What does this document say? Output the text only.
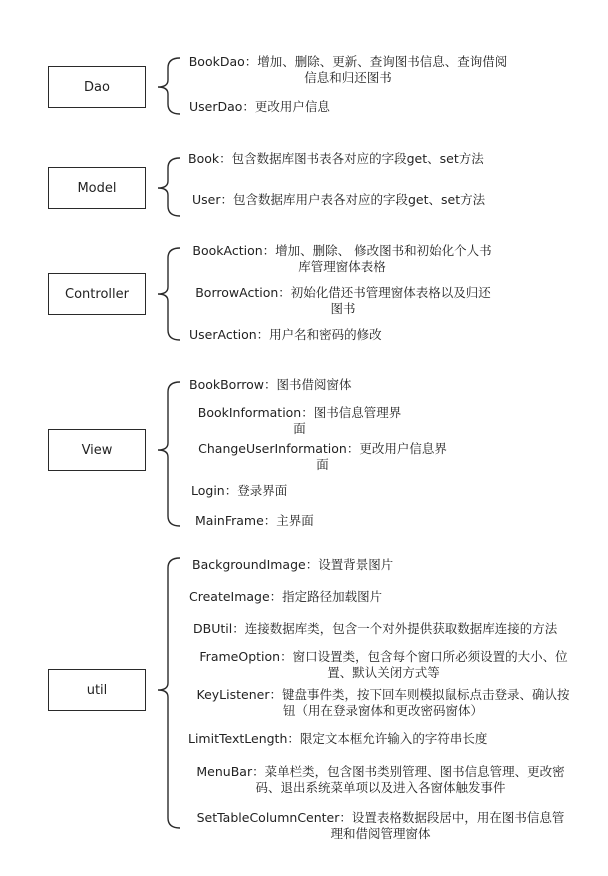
Dao
Model
Controller
View
util
BookDao：增加、删除、更新、查询图书信息、查询借阅
信息和归还图书
UserDao：更改用户信息
Book：包含数据库图书表各对应的字段get、set方法
User：包含数据库用户表各对应的字段get、set方法
BookAction：增加、删除、 修改图书和初始化个人书
库管理窗体表格
BorrowAction：初始化借还书管理窗体表格以及归还
图书
UserAction：用户名和密码的修改
BookBorrow：图书借阅窗体
BookInformation：图书信息管理界
面
ChangeUserInformation：更改用户信息界
面
Login：登录界面
MainFrame：主界面
BackgroundImage：设置背景图片
CreateImage：指定路径加载图片
DBUtil：连接数据库类，包含一个对外提供获取数据库连接的方法
FrameOption：窗口设置类，包含每个窗口所必须设置的大小、位
置、默认关闭方式等
KeyListener：键盘事件类，按下回车则模拟鼠标点击登录、确认按
钮（用在登录窗体和更改密码窗体）
LimitTextLength：限定文本框允许输入的字符串长度
MenuBar：菜单栏类，包含图书类别管理、图书信息管理、更改密
码、退出系统菜单项以及进入各窗体触发事件
SetTableColumnCenter：设置表格数据段居中，用在图书信息管
理和借阅管理窗体
